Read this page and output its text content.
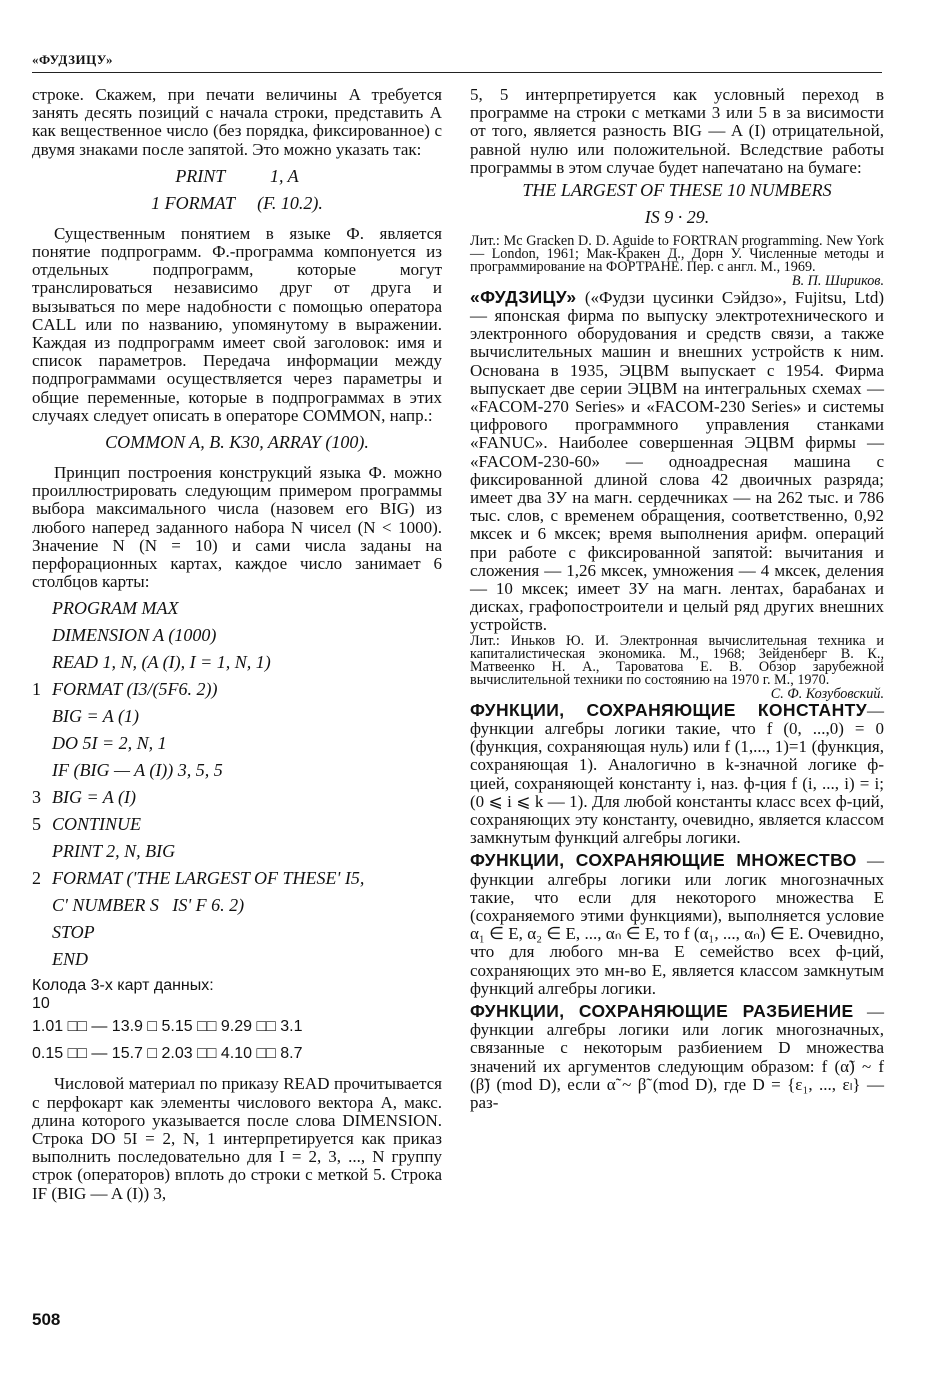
«ФУДЗИЦУ»

строке. Скажем, при печати величины A требуется занять десять позиций с начала строки, представить A как вещественное число (без порядка, фиксированное) с двумя знаками после запятой. Это можно указать так:

PRINT          1, A
1 FORMAT     (F. 10.2).

Существенным понятием в языке Ф. является понятие подпрограмм. Ф.-программа компонуется из отдельных подпрограмм, которые могут транслироваться независимо друг от друга и вызываться по мере надобности с помощью оператора CALL или по названию, упомянутому в выражении. Каждая из подпрограмм имеет свой заголовок: имя и список параметров. Передача информации между подпрограммами осуществляется через параметры и общие переменные, которые в подпрограммах в этих случаях следует описать в операторе COMMON, напр.:

COMMON A, B. K30, ARRAY (100).

Принцип построения конструкций языка Ф. можно проиллюстрировать следующим примером программы выбора максимального числа (назовем его BIG) из любого наперед заданного набора N чисел (N < 1000). Значение N (N = 10) и сами числа заданы на перфорационных картах, каждое число занимает 6 столбцов карты:

PROGRAM MAX
DIMENSION A (1000)
READ 1, N, (A (I), I = 1, N, 1)
1 FORMAT (I3/(5F6. 2))
BIG = A (1)
DO 5I = 2, N, 1
IF (BIG — A (I)) 3, 5, 5
3 BIG = A (I)
5 CONTINUE
PRINT 2, N, BIG
2 FORMAT ('THE LARGEST OF THESE' I5,
C' NUMBER S   IS' F 6. 2)
STOP
END
Колода 3-х карт данных:
10
1.01 □□ — 13.9 □ 5.15 □□ 9.29 □□ 3.1
0.15 □□ — 15.7 □ 2.03 □□ 4.10 □□ 8.7

Числовой материал по приказу READ прочитывается с перфокарт как элементы числового вектора A, макс. длина которого указывается после слова DIMENSION. Строка DO 5I = 2, N, 1 интерпретируется как приказ выполнить последовательно для I = 2, 3, ..., N группу строк (операторов) вплоть до строки с меткой 5. Строка IF (BIG — A (I)) 3,

5, 5 интерпретируется как условный переход в программе на строки с метками 3 или 5 в за висимости от того, является разность BIG — A (I) отрицательной, равной нулю или положительной. Вследствие работы программы в этом случае будет напечатано на бумаге:

THE LARGEST OF THESE 10 NUMBERS
IS 9 · 29.

Лит.: Mc Gracken D. D. Aguide to FORTRAN programming. New York — London, 1961; Мак-Кракен Д., Дорн У. Численные методы и программирование на ФОРТРАНЕ. Пер. с англ. М., 1969.

В. П. Шириков.

«ФУДЗИЦУ» («Фудзи цусинки Сэйдзо», Fujitsu, Ltd) — японская фирма по выпуску электротехнического и электронного оборудования и средств связи, а также вычислительных машин и внешних устройств к ним. Основана в 1935, ЭЦВМ выпускает с 1954. Фирма выпускает две серии ЭЦВМ на интегральных схемах — «FACOM-270 Series» и «FACOM-230 Series» и системы цифрового программного управления станками «FANUC». Наиболее совершенная ЭЦВМ фирмы — «FACOM-230-60» — одноадресная машина с фиксированной длиной слова 42 двоичных разряда; имеет два ЗУ на магн. сердечниках — на 262 тыс. и 786 тыс. слов, с временем обращения, соответственно, 0,92 мксек и 6 мксек; время выполнения арифм. операций при работе с фиксированной запятой: вычитания и сложения — 1,26 мксек, умножения — 4 мксек, деления — 10 мксек; имеет ЗУ на магн. лентах, барабанах и дисках, графопостроители и целый ряд других внешних устройств.

Лит.: Иньков Ю. И. Электронная вычислительная техника и капиталистическая экономика. М., 1968; Зейденберг В. К., Матвеенко Н. А., Тароватова Е. В. Обзор зарубежной вычислительной техники по состоянию на 1970 г. М., 1970.

С. Ф. Козубовский.

ФУНКЦИИ, СОХРАНЯЮЩИЕ КОНСТАНТУ— функции алгебры логики такие, что f (0, ...,0) = 0 (функция, сохраняющая нуль) или f (1,..., 1)=1 (функция, сохраняющая 1). Аналогично в k-значной логике ф-цией, сохраняющей константу i, наз. ф-ция f (i, ..., i) = i; (0 ⩽ i ⩽ k — 1). Для любой константы класс всех ф-ций, сохраняющих эту константу, очевидно, является классом замкнутым функций алгебры логики.

ФУНКЦИИ, СОХРАНЯЮЩИЕ МНОЖЕСТВО — функции алгебры логики или логик многозначных такие, что если для некоторого множества E (сохраняемого этими функциями), выполняется условие α₁ ∈ E, α₂ ∈ E, ..., αₙ ∈ E, то f (α₁, ..., αₙ) ∈ E. Очевидно, что для любого мн-ва E семейство всех ф-ций, сохраняющих это мн-во E, является классом замкнутым функций алгебры логики.

ФУНКЦИИ, СОХРАНЯЮЩИЕ РАЗБИЕНИЕ — функции алгебры логики или логик многозначных, связанные с некоторым разбиением D множества значений их аргументов следующим образом: f (α̃) ~ f (β̃) (mod D), если α̃ ~ β̃ (mod D), где D = {ε₁, ..., εₗ} — раз-

508
